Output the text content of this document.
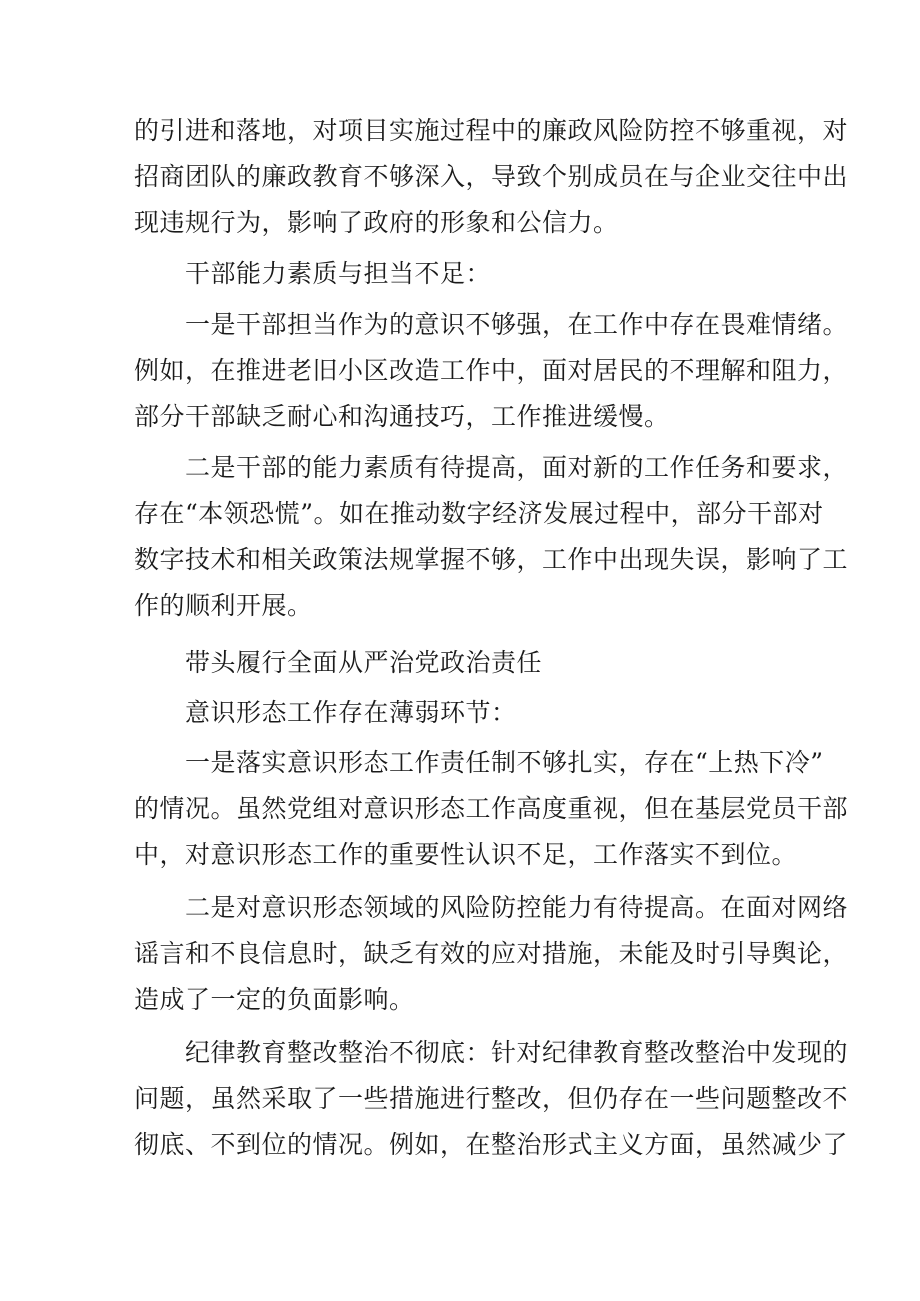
的引进和落地，对项目实施过程中的廉政风险防控不够重视，对
招商团队的廉政教育不够深入，导致个别成员在与企业交往中出
现违规行为，影响了政府的形象和公信力。

　　干部能力素质与担当不足：

　　一是干部担当作为的意识不够强，在工作中存在畏难情绪。
例如，在推进老旧小区改造工作中，面对居民的不理解和阻力，
部分干部缺乏耐心和沟通技巧，工作推进缓慢。

　　二是干部的能力素质有待提高，面对新的工作任务和要求，
存在“本领恐慌”。如在推动数字经济发展过程中，部分干部对
数字技术和相关政策法规掌握不够，工作中出现失误，影响了工
作的顺利开展。

　　带头履行全面从严治党政治责任

　　意识形态工作存在薄弱环节：

　　一是落实意识形态工作责任制不够扎实，存在“上热下冷”
的情况。虽然党组对意识形态工作高度重视，但在基层党员干部
中，对意识形态工作的重要性认识不足，工作落实不到位。

　　二是对意识形态领域的风险防控能力有待提高。在面对网络
谣言和不良信息时，缺乏有效的应对措施，未能及时引导舆论，
造成了一定的负面影响。

　　纪律教育整改整治不彻底：针对纪律教育整改整治中发现的
问题，虽然采取了一些措施进行整改，但仍存在一些问题整改不
彻底、不到位的情况。例如，在整治形式主义方面，虽然减少了
